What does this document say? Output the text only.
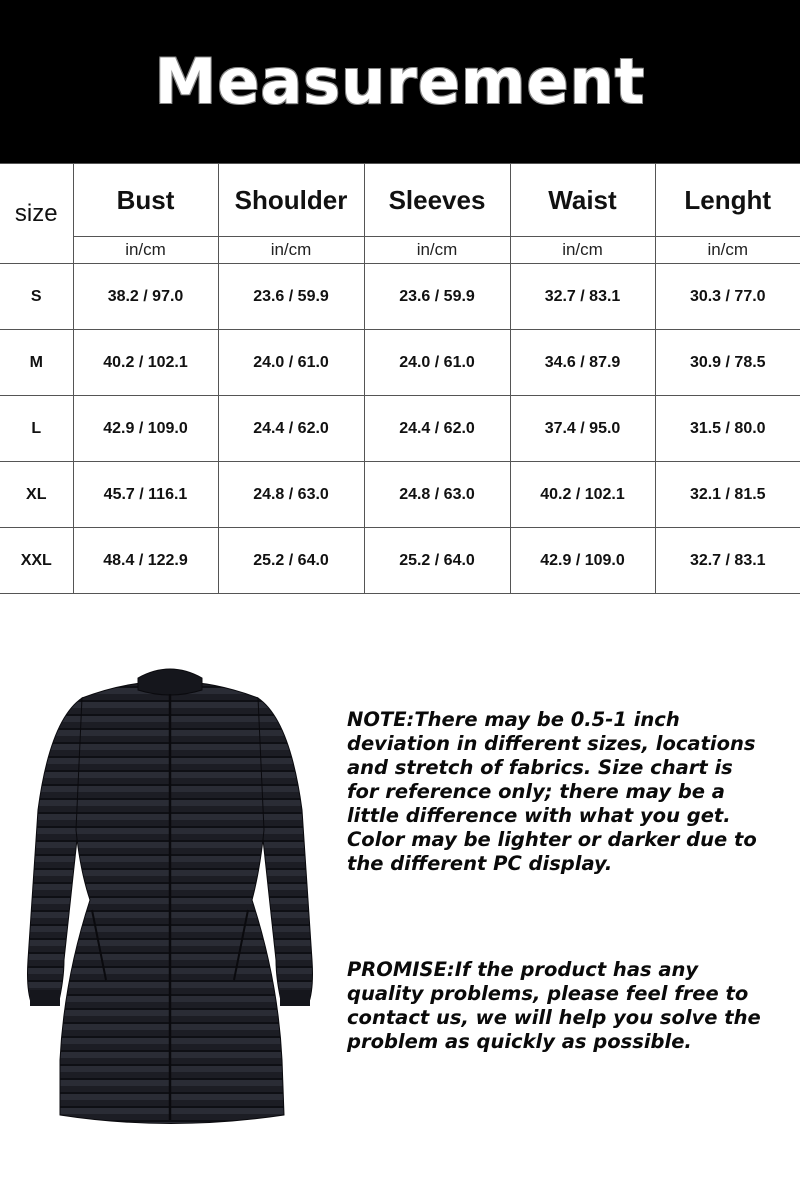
Measurement
size	Bust	Shoulder	Sleeves	Waist	Lenght
	in/cm	in/cm	in/cm	in/cm	in/cm
S	38.2 / 97.0	23.6 / 59.9	23.6 / 59.9	32.7 / 83.1	30.3 / 77.0
M	40.2 / 102.1	24.0 / 61.0	24.0 / 61.0	34.6 / 87.9	30.9 / 78.5
L	42.9 / 109.0	24.4 / 62.0	24.4 / 62.0	37.4 / 95.0	31.5 / 80.0
XL	45.7 / 116.1	24.8 / 63.0	24.8 / 63.0	40.2 / 102.1	32.1 / 81.5
XXL	48.4 / 122.9	25.2 / 64.0	25.2 / 64.0	42.9 / 109.0	32.7 / 83.1
NOTE:There may be 0.5-1 inch deviation in different sizes, locations and stretch of fabrics. Size chart is for reference only; there may be a little difference with what you get. Color may be lighter or darker due to the different PC display.
PROMISE:If the product has any quality problems, please feel free to contact us, we will help you solve the problem as quickly as possible.
